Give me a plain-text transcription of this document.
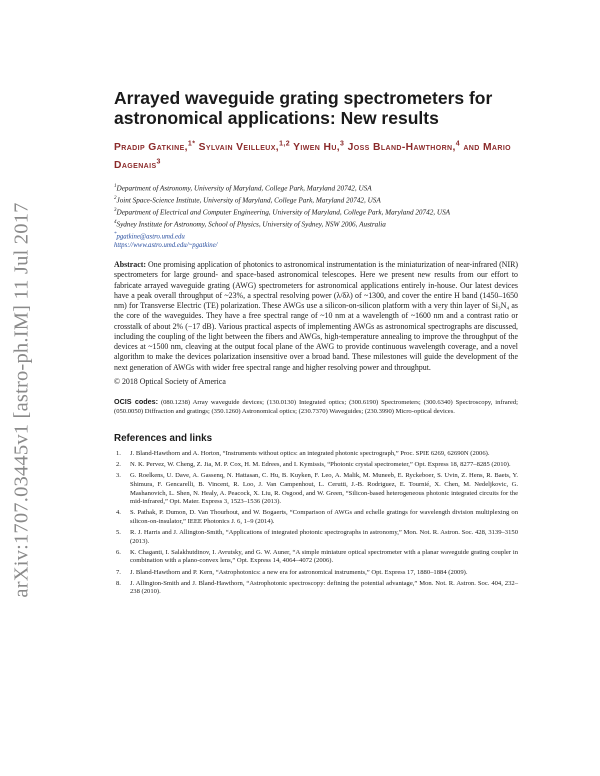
arXiv:1707.03445v1 [astro-ph.IM] 11 Jul 2017
Arrayed waveguide grating spectrometers for astronomical applications: New results
Pradip Gatkine,$^{1*}$ Sylvain Veilleux,$^{1,2}$ Yiwen Hu,$^3$ Joss Bland-Hawthorn,$^4$ and Mario Dagenais$^3$
$^1$Department of Astronomy, University of Maryland, College Park, Maryland 20742, USA
$^2$Joint Space-Science Institute, University of Maryland, College Park, Maryland 20742, USA
$^3$Department of Electrical and Computer Engineering, University of Maryland, College Park, Maryland 20742, USA
$^4$Sydney Institute for Astronomy, School of Physics, University of Sydney, NSW 2006, Australia
*pgatkine@astro.umd.edu
https://www.astro.umd.edu/~pgatkine/
Abstract: One promising application of photonics to astronomical instrumentation is the miniaturization of near-infrared (NIR) spectrometers for large ground- and space-based astronomical telescopes. Here we present new results from our effort to fabricate arrayed waveguide grating (AWG) spectrometers for astronomical applications entirely in-house. Our latest devices have a peak overall throughput of ~23%, a spectral resolving power (λ/δλ) of ~1300, and cover the entire H band (1450–1650 nm) for Transverse Electric (TE) polarization. These AWGs use a silicon-on-silicon platform with a very thin layer of Si₃N₄ as the core of the waveguides. They have a free spectral range of ~10 nm at a wavelength of ~1600 nm and a contrast ratio or crosstalk of about 2% (−17 dB). Various practical aspects of implementing AWGs as astronomical spectrographs are discussed, including the coupling of the light between the fibers and AWGs, high-temperature annealing to improve the throughput of the devices at ~1500 nm, cleaving at the output focal plane of the AWG to provide continuous wavelength coverage, and a novel algorithm to make the devices polarization insensitive over a broad band. These milestones will guide the development of the next generation of AWGs with wider free spectral range and higher resolving power and throughput.
© 2018 Optical Society of America
OCIS codes: (080.1238) Array waveguide devices; (130.0130) Integrated optics; (300.6190) Spectrometers; (300.6340) Spectroscopy, infrared; (050.0050) Diffraction and gratings; (350.1260) Astronomical optics; (230.7370) Waveguides; (230.3990) Micro-optical devices.
References and links
1. J. Bland-Hawthorn and A. Horton, “Instruments without optics: an integrated photonic spectrograph,” Proc. SPIE 6269, 62690N (2006).
2. N. K. Pervez, W. Cheng, Z. Jia, M. P. Cox, H. M. Edrees, and I. Kymissis, “Photonic crystal spectrometer,” Opt. Express 18, 8277–8285 (2010).
3. G. Roelkens, U. Dave, A. Gassenq, N. Hattasan, C. Hu, B. Kuyken, F. Leo, A. Malik, M. Muneeb, E. Ryckeboer, S. Uvin, Z. Hens, R. Baets, Y. Shimura, F. Gencarelli, B. Vincent, R. Loo, J. Van Campenhout, L. Cerutti, J.-B. Rodriguez, E. Tournié, X. Chen, M. Nedeljkovic, G. Mashanovich, L. Shen, N. Healy, A. Peacock, X. Liu, R. Osgood, and W. Green, “Silicon-based heterogeneous photonic integrated circuits for the mid-infrared,” Opt. Mater. Express 3, 1523–1536 (2013).
4. S. Pathak, P. Dumon, D. Van Thourhout, and W. Bogaerts, “Comparison of AWGs and echelle gratings for wavelength division multiplexing on silicon-on-insulator,” IEEE Photonics J. 6, 1–9 (2014).
5. R. J. Harris and J. Allington-Smith, “Applications of integrated photonic spectrographs in astronomy,” Mon. Not. R. Astron. Soc. 428, 3139–3150 (2013).
6. K. Chaganti, I. Salakhutdinov, I. Avrutsky, and G. W. Auner, “A simple miniature optical spectrometer with a planar waveguide grating coupler in combination with a plano-convex lens,” Opt. Express 14, 4064–4072 (2006).
7. J. Bland-Hawthorn and P. Kern, “Astrophotonics: a new era for astronomical instruments,” Opt. Express 17, 1880–1884 (2009).
8. J. Allington-Smith and J. Bland-Hawthorn, “Astrophotonic spectroscopy: defining the potential advantage,” Mon. Not. R. Astron. Soc. 404, 232–238 (2010).
